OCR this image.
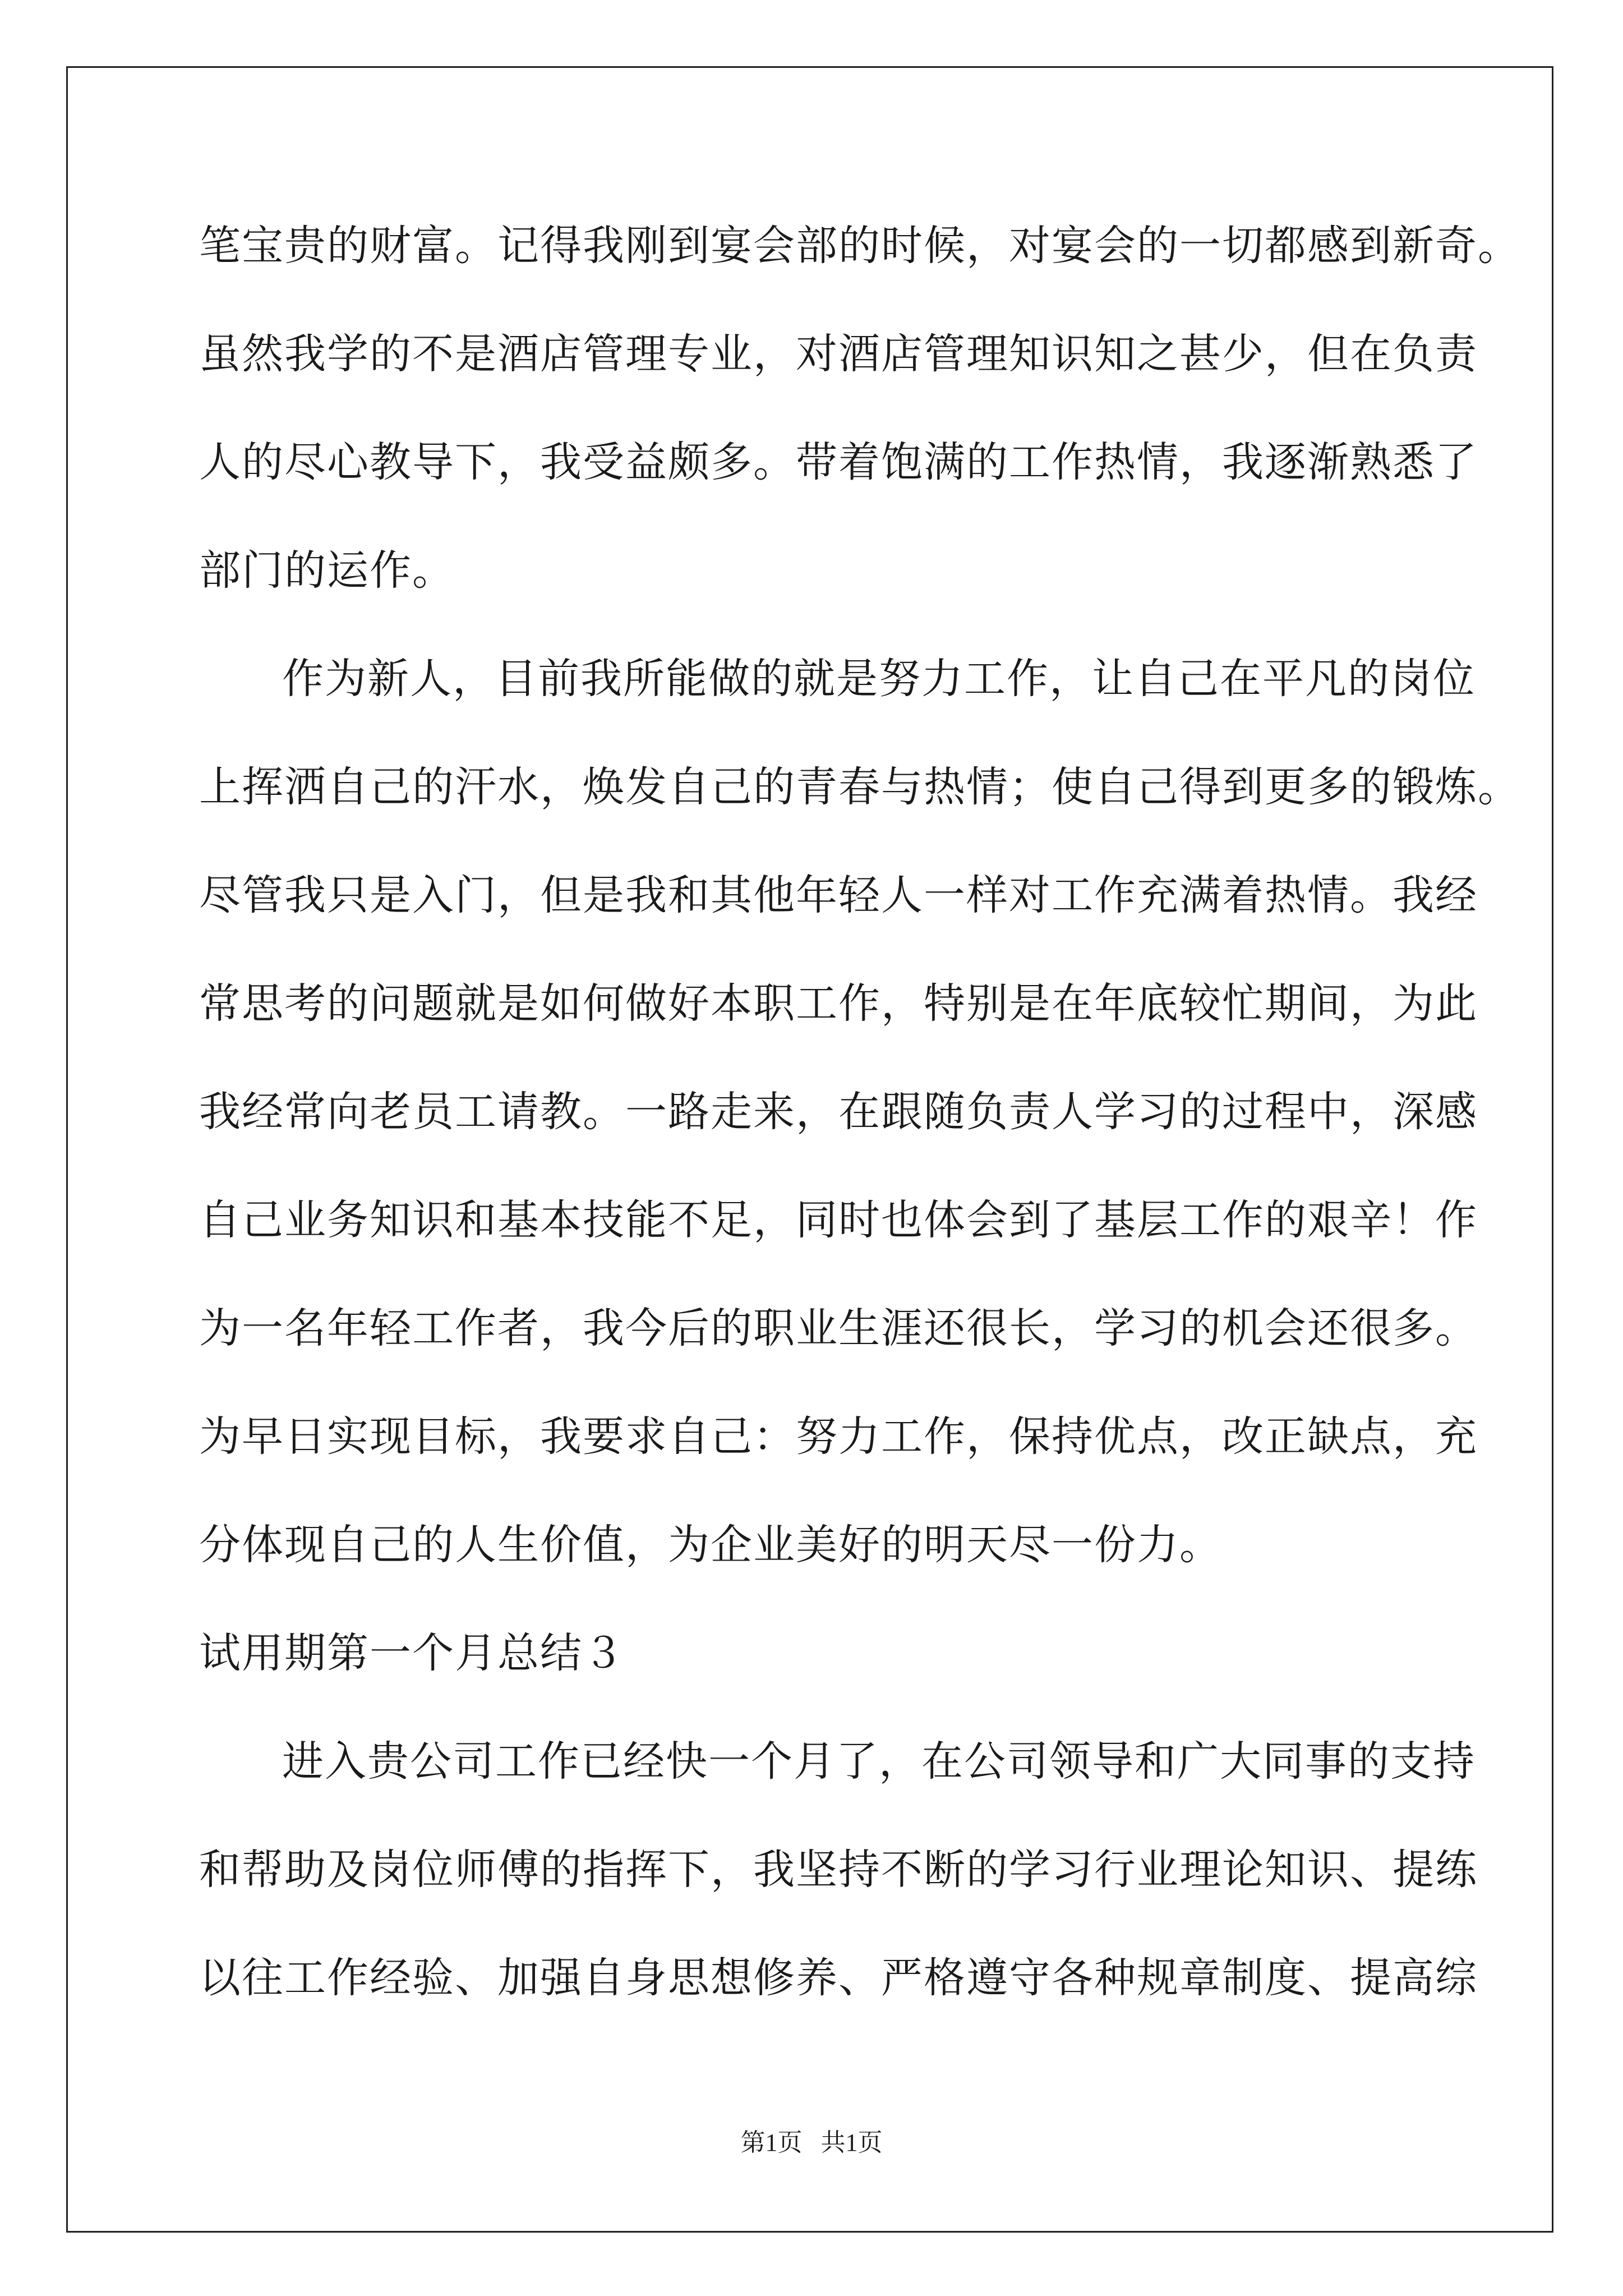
笔宝贵的财富。记得我刚到宴会部的时候，对宴会的一切都感到新奇。
虽然我学的不是酒店管理专业，对酒店管理知识知之甚少，但在负责
人的尽心教导下，我受益颇多。带着饱满的工作热情，我逐渐熟悉了
部门的运作。
作为新人，目前我所能做的就是努力工作，让自己在平凡的岗位
上挥洒自己的汗水，焕发自己的青春与热情；使自己得到更多的锻炼。
尽管我只是入门，但是我和其他年轻人一样对工作充满着热情。我经
常思考的问题就是如何做好本职工作，特别是在年底较忙期间，为此
我经常向老员工请教。一路走来，在跟随负责人学习的过程中，深感
自己业务知识和基本技能不足，同时也体会到了基层工作的艰辛！作
为一名年轻工作者，我今后的职业生涯还很长，学习的机会还很多。
为早日实现目标，我要求自己：努力工作，保持优点，改正缺点，充
分体现自己的人生价值，为企业美好的明天尽一份力。
试用期第一个月总结３
进入贵公司工作已经快一个月了，在公司领导和广大同事的支持
和帮助及岗位师傅的指挥下，我坚持不断的学习行业理论知识、提练
以往工作经验、加强自身思想修养、严格遵守各种规章制度、提高综
第1页   共1页
